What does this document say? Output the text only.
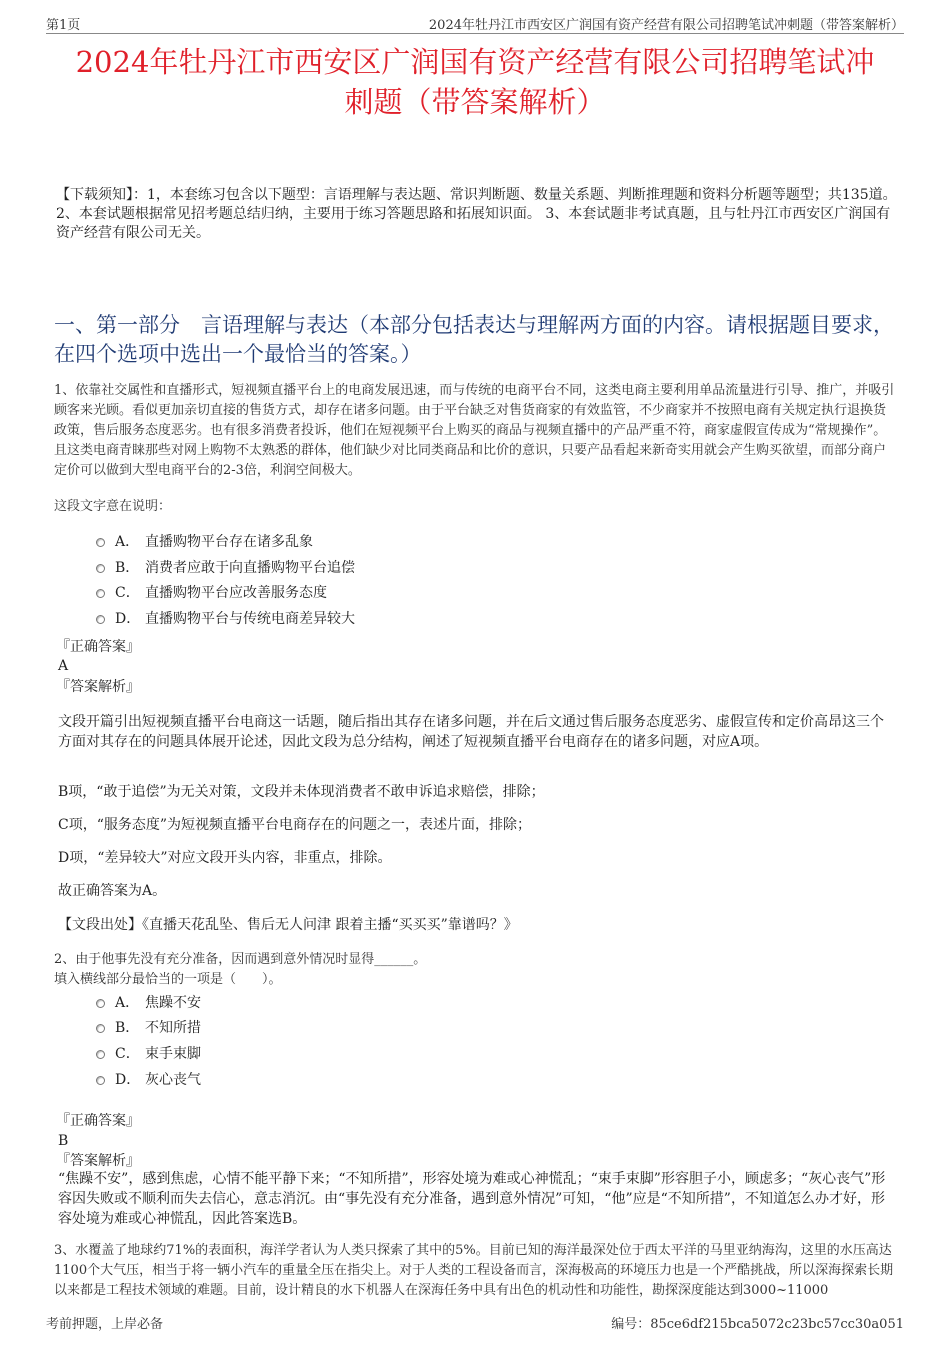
第1页	2024年牡丹江市西安区广润国有资产经营有限公司招聘笔试冲刺题（带答案解析）
2024年牡丹江市西安区广润国有资产经营有限公司招聘笔试冲
刺题（带答案解析）
【下载须知】：1，本套练习包含以下题型：言语理解与表达题、常识判断题、数量关系题、判断推理题和资料分析题等题型；共135道。 2、本套试题根据常见招考题总结归纳，主要用于练习答题思路和拓展知识面。 3、本套试题非考试真题，且与牡丹江市西安区广润国有资产经营有限公司无关。
一、第一部分　言语理解与表达（本部分包括表达与理解两方面的内容。请根据题目要求，在四个选项中选出一个最恰当的答案。）
1、依靠社交属性和直播形式，短视频直播平台上的电商发展迅速，而与传统的电商平台不同，这类电商主要利用单品流量进行引导、推广，并吸引顾客来光顾。看似更加亲切直接的售货方式，却存在诸多问题。由于平台缺乏对售货商家的有效监管，不少商家并不按照电商有关规定执行退换货政策，售后服务态度恶劣。也有很多消费者投诉，他们在短视频平台上购买的商品与视频直播中的产品严重不符，商家虚假宣传成为“常规操作”。且这类电商青睐那些对网上购物不太熟悉的群体，他们缺少对比同类商品和比价的意识，只要产品看起来新奇实用就会产生购买欲望，而部分商户定价可以做到大型电商平台的2-3倍，利润空间极大。
这段文字意在说明：
A． 直播购物平台存在诸多乱象
B． 消费者应敢于向直播购物平台追偿
C． 直播购物平台应改善服务态度
D． 直播购物平台与传统电商差异较大
『正确答案』
A
『答案解析』
文段开篇引出短视频直播平台电商这一话题，随后指出其存在诸多问题，并在后文通过售后服务态度恶劣、虚假宣传和定价高昂这三个方面对其存在的问题具体展开论述，因此文段为总分结构，阐述了短视频直播平台电商存在的诸多问题，对应A项。
B项，“敢于追偿”为无关对策，文段并未体现消费者不敢申诉追求赔偿，排除；
C项，“服务态度”为短视频直播平台电商存在的问题之一，表述片面，排除；
D项，“差异较大”对应文段开头内容，非重点，排除。
故正确答案为A。
【文段出处】《直播天花乱坠、售后无人问津 跟着主播“买买买”靠谱吗？》
2、由于他事先没有充分准备，因而遇到意外情况时显得______。
填入横线部分最恰当的一项是（　　）。
A． 焦躁不安
B． 不知所措
C． 束手束脚
D． 灰心丧气
『正确答案』
B
『答案解析』
“焦躁不安”，感到焦虑，心情不能平静下来；“不知所措”，形容处境为难或心神慌乱；“束手束脚”形容胆子小，顾虑多；“灰心丧气”形容因失败或不顺利而失去信心，意志消沉。由“事先没有充分准备，遇到意外情况”可知，“他”应是“不知所措”，不知道怎么办才好，形容处境为难或心神慌乱，因此答案选B。
3、水覆盖了地球约71%的表面积，海洋学者认为人类只探索了其中的5%。目前已知的海洋最深处位于西太平洋的马里亚纳海沟，这里的水压高达1100个大气压，相当于将一辆小汽车的重量全压在指尖上。对于人类的工程设备而言，深海极高的环境压力也是一个严酷挑战，所以深海探索长期以来都是工程技术领域的难题。目前，设计精良的水下机器人在深海任务中具有出色的机动性和功能性，勘探深度能达到3000~11000
考前押题，上岸必备	编号：85ce6df215bca5072c23bc57cc30a051
